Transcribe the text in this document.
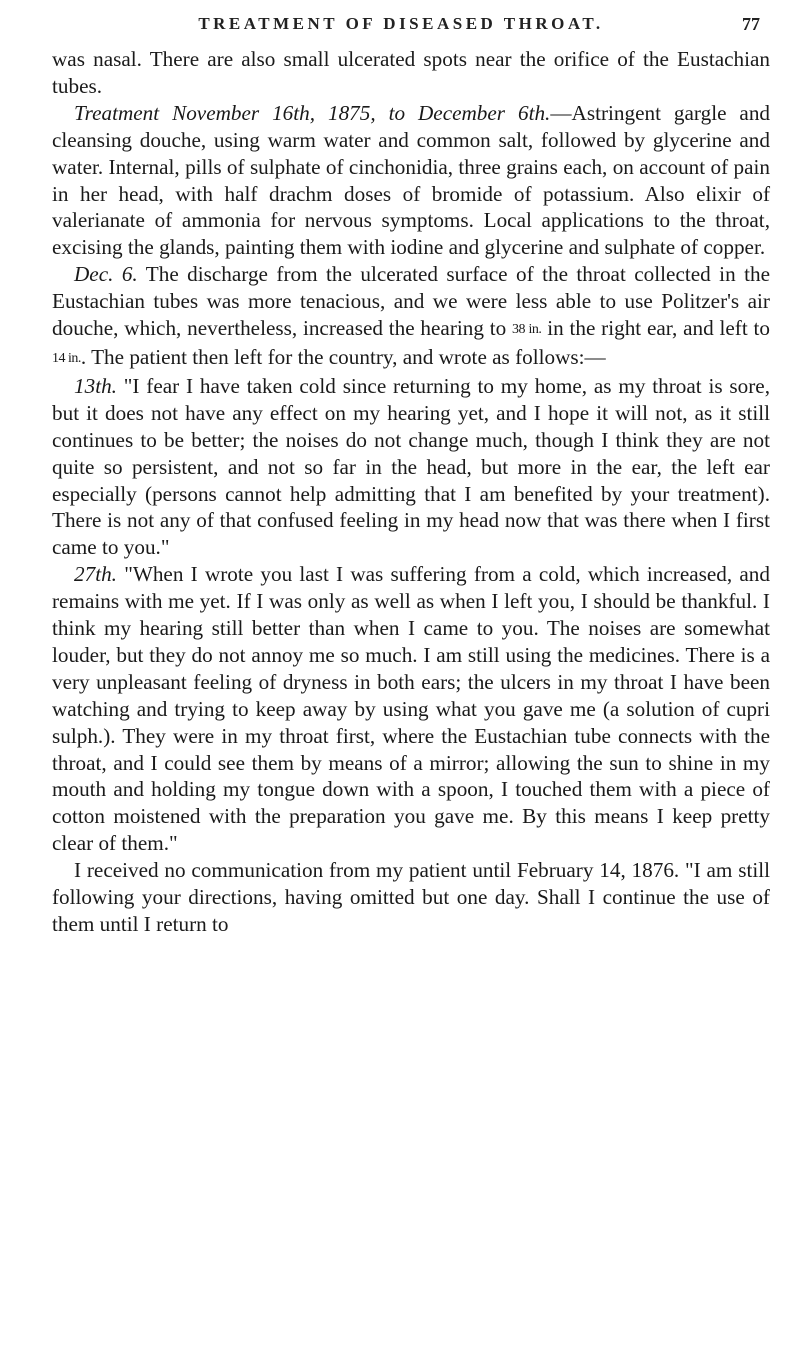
TREATMENT OF DISEASED THROAT.	77

was nasal. There are also small ulcerated spots near the orifice of the Eustachian tubes.

Treatment November 16th, 1875, to December 6th.—Astringent gargle and cleansing douche, using warm water and common salt, followed by glycerine and water. Internal, pills of sulphate of cinchonidia, three grains each, on account of pain in her head, with half drachm doses of bromide of potassium. Also elixir of valerianate of ammonia for nervous symptoms. Local applications to the throat, excising the glands, painting them with iodine and glycerine and sulphate of copper.

Dec. 6. The discharge from the ulcerated surface of the throat collected in the Eustachian tubes was more tenacious, and we were less able to use Politzer's air douche, which, nevertheless, increased the hearing to 38 in. in the right ear, and left to 14 in.. The patient then left for the country, and wrote as follows:—

13th. "I fear I have taken cold since returning to my home, as my throat is sore, but it does not have any effect on my hearing yet, and I hope it will not, as it still continues to be better; the noises do not change much, though I think they are not quite so persistent, and not so far in the head, but more in the ear, the left ear especially (persons cannot help admitting that I am benefited by your treatment). There is not any of that confused feeling in my head now that was there when I first came to you."

27th. "When I wrote you last I was suffering from a cold, which increased, and remains with me yet. If I was only as well as when I left you, I should be thankful. I think my hearing still better than when I came to you. The noises are somewhat louder, but they do not annoy me so much. I am still using the medicines. There is a very unpleasant feeling of dryness in both ears; the ulcers in my throat I have been watching and trying to keep away by using what you gave me (a solution of cupri sulph.). They were in my throat first, where the Eustachian tube connects with the throat, and I could see them by means of a mirror; allowing the sun to shine in my mouth and holding my tongue down with a spoon, I touched them with a piece of cotton moistened with the preparation you gave me. By this means I keep pretty clear of them."

I received no communication from my patient until February 14, 1876. "I am still following your directions, having omitted but one day. Shall I continue the use of them until I return to
